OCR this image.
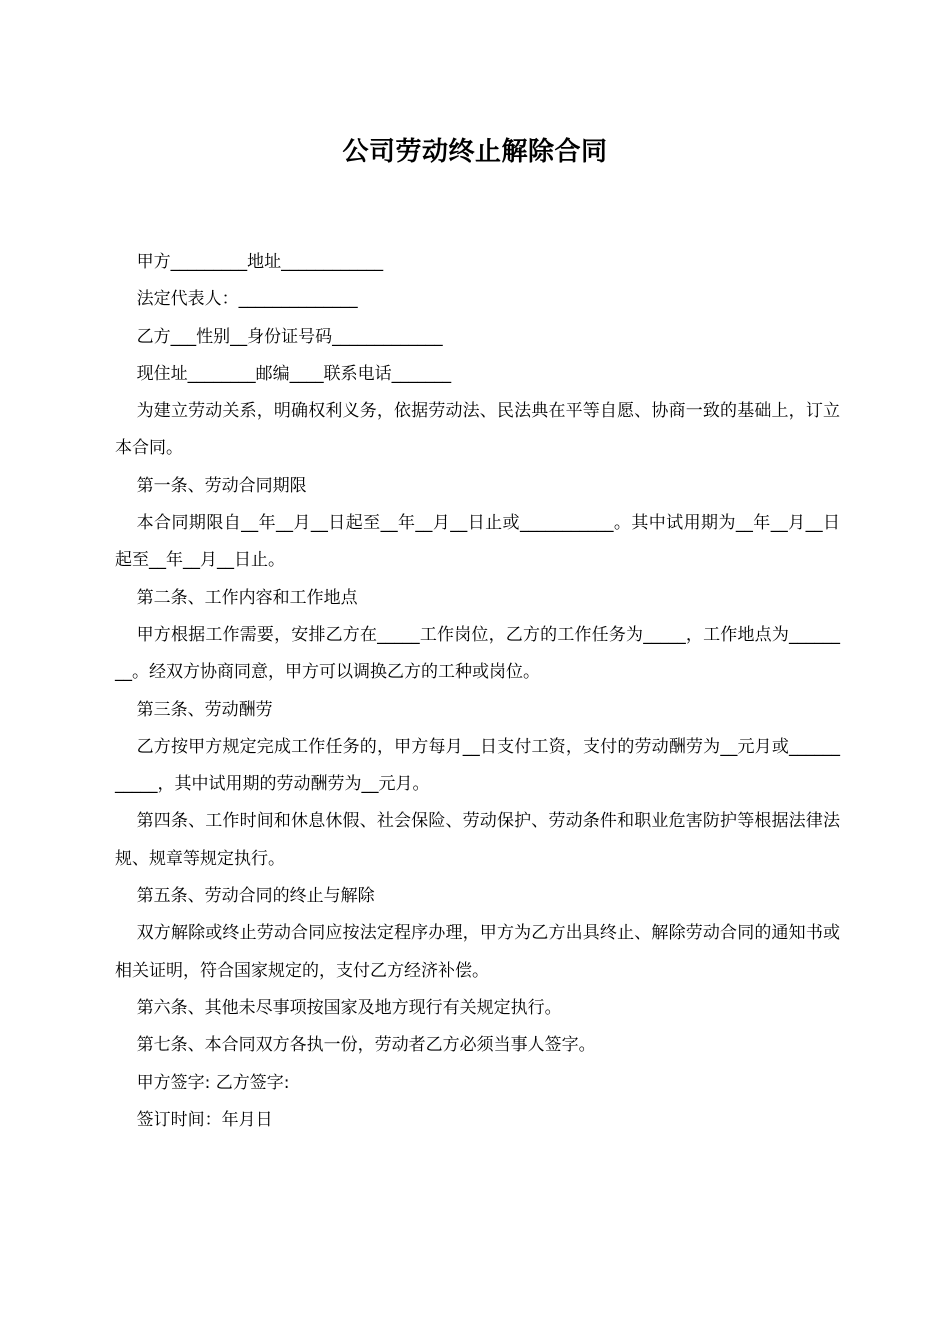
公司劳动终止解除合同

甲方_________地址____________

法定代表人：______________

乙方___性别__身份证号码_____________

现住址________邮编____联系电话_______

为建立劳动关系，明确权利义务，依据劳动法、民法典在平等自愿、协商一致的基础上，订立本合同。

第一条、劳动合同期限

本合同期限自__年__月__日起至__年__月__日止或___________。其中试用期为__年__月__日起至__年__月__日止。

第二条、工作内容和工作地点

甲方根据工作需要，安排乙方在_____工作岗位，乙方的工作任务为_____，工作地点为________。经双方协商同意，甲方可以调换乙方的工种或岗位。

第三条、劳动酬劳

乙方按甲方规定完成工作任务的，甲方每月__日支付工资，支付的劳动酬劳为__元月或___________，其中试用期的劳动酬劳为__元月。

第四条、工作时间和休息休假、社会保险、劳动保护、劳动条件和职业危害防护等根据法律法规、规章等规定执行。

第五条、劳动合同的终止与解除

双方解除或终止劳动合同应按法定程序办理，甲方为乙方出具终止、解除劳动合同的通知书或相关证明，符合国家规定的，支付乙方经济补偿。

第六条、其他未尽事项按国家及地方现行有关规定执行。

第七条、本合同双方各执一份，劳动者乙方必须当事人签字。

甲方签字: 乙方签字:

签订时间：年月日
